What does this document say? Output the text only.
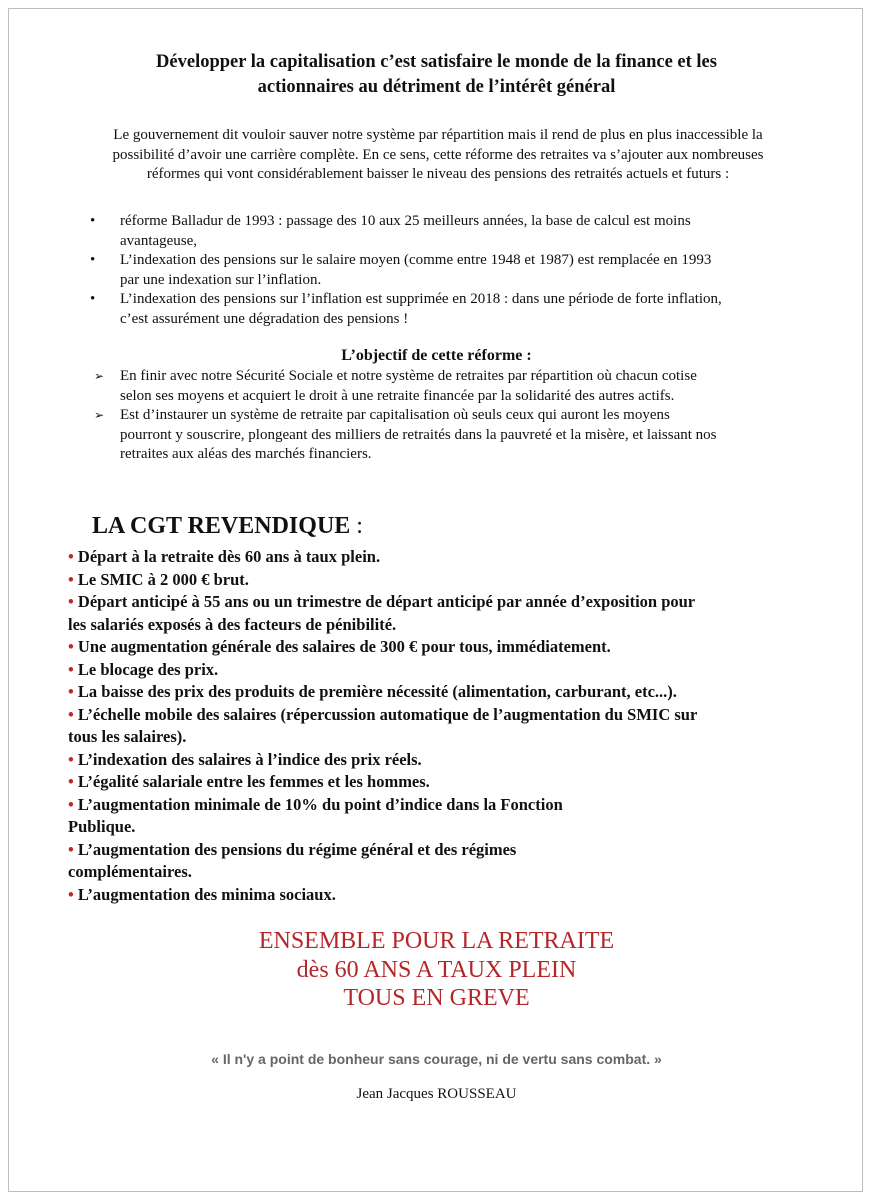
Développer la capitalisation c’est satisfaire le monde de la finance et les
actionnaires au détriment de l’intérêt général
Le gouvernement dit vouloir sauver notre système par répartition mais il rend de plus en plus inaccessible la
possibilité d’avoir une carrière complète. En ce sens, cette réforme des retraites va s’ajouter aux nombreuses
réformes qui vont considérablement baisser le niveau des pensions des retraités actuels et futurs :
• réforme Balladur de 1993 : passage des 10 aux 25 meilleurs années, la base de calcul est moins
avantageuse,
• L’indexation des pensions sur le salaire moyen (comme entre 1948 et 1987) est remplacée en 1993
par une indexation sur l’inflation.
• L’indexation des pensions sur l’inflation est supprimée en 2018 : dans une période de forte inflation,
c’est assurément une dégradation des pensions !
L’objectif de cette réforme :
➢ En finir avec notre Sécurité Sociale et notre système de retraites par répartition où chacun cotise
selon ses moyens et acquiert le droit à une retraite financée par la solidarité des autres actifs.
➢ Est d’instaurer un système de retraite par capitalisation où seuls ceux qui auront les moyens
pourront y souscrire, plongeant des milliers de retraités dans la pauvreté et la misère, et laissant nos
retraites aux aléas des marchés financiers.
LA CGT REVENDIQUE :
• Départ à la retraite dès 60 ans à taux plein.
• Le SMIC à 2 000 € brut.
• Départ anticipé à 55 ans ou un trimestre de départ anticipé par année d’exposition pour
les salariés exposés à des facteurs de pénibilité.
• Une augmentation générale des salaires de 300 € pour tous, immédiatement.
• Le blocage des prix.
• La baisse des prix des produits de première nécessité (alimentation, carburant, etc...).
• L’échelle mobile des salaires (répercussion automatique de l’augmentation du SMIC sur
tous les salaires).
• L’indexation des salaires à l’indice des prix réels.
• L’égalité salariale entre les femmes et les hommes.
• L’augmentation minimale de 10% du point d’indice dans la Fonction
Publique.
• L’augmentation des pensions du régime général et des régimes
complémentaires.
• L’augmentation des minima sociaux.
ENSEMBLE POUR LA RETRAITE
dès 60 ANS A TAUX PLEIN
TOUS EN GREVE
« Il n'y a point de bonheur sans courage, ni de vertu sans combat. »
Jean Jacques ROUSSEAU
